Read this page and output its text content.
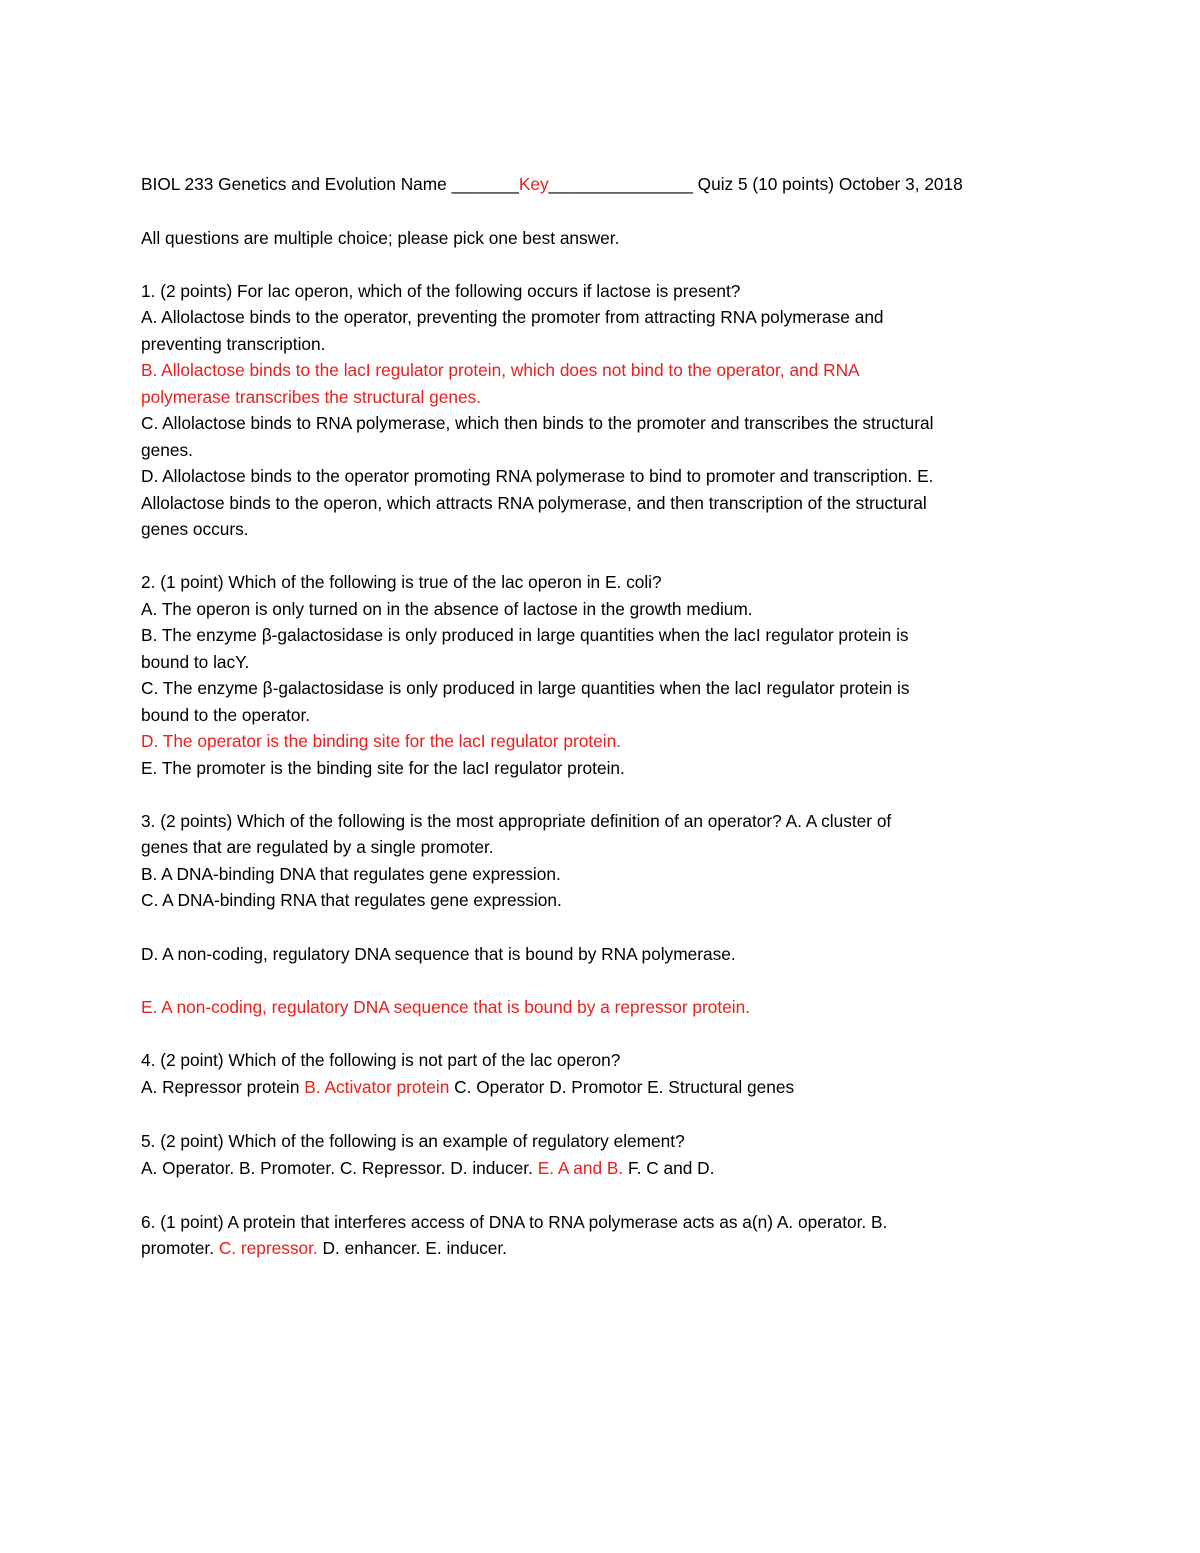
BIOL 233 Genetics and Evolution Name _______Key_______________ Quiz 5 (10 points) October 3, 2018
All questions are multiple choice; please pick one best answer.
1. (2 points) For lac operon, which of the following occurs if lactose is present?
A. Allolactose binds to the operator, preventing the promoter from attracting RNA polymerase and
preventing transcription.
B. Allolactose binds to the lacI regulator protein, which does not bind to the operator, and RNA
polymerase transcribes the structural genes.
C. Allolactose binds to RNA polymerase, which then binds to the promoter and transcribes the structural
genes.
D. Allolactose binds to the operator promoting RNA polymerase to bind to promoter and transcription. E.
Allolactose binds to the operon, which attracts RNA polymerase, and then transcription of the structural
genes occurs.
2. (1 point) Which of the following is true of the lac operon in E. coli?
A. The operon is only turned on in the absence of lactose in the growth medium.
B. The enzyme β-galactosidase is only produced in large quantities when the lacI regulator protein is
bound to lacY.
C. The enzyme β-galactosidase is only produced in large quantities when the lacI regulator protein is
bound to the operator.
D. The operator is the binding site for the lacI regulator protein.
E. The promoter is the binding site for the lacI regulator protein.
3. (2 points) Which of the following is the most appropriate definition of an operator? A. A cluster of
genes that are regulated by a single promoter.
B. A DNA-binding DNA that regulates gene expression.
C. A DNA-binding RNA that regulates gene expression.
D. A non-coding, regulatory DNA sequence that is bound by RNA polymerase.
E. A non-coding, regulatory DNA sequence that is bound by a repressor protein.
4. (2 point) Which of the following is not part of the lac operon?
A. Repressor protein B. Activator protein C. Operator D. Promotor E. Structural genes
5. (2 point) Which of the following is an example of regulatory element?
A. Operator. B. Promoter. C. Repressor. D. inducer. E. A and B. F. C and D.
6. (1 point) A protein that interferes access of DNA to RNA polymerase acts as a(n) A. operator. B.
promoter. C. repressor. D. enhancer. E. inducer.
